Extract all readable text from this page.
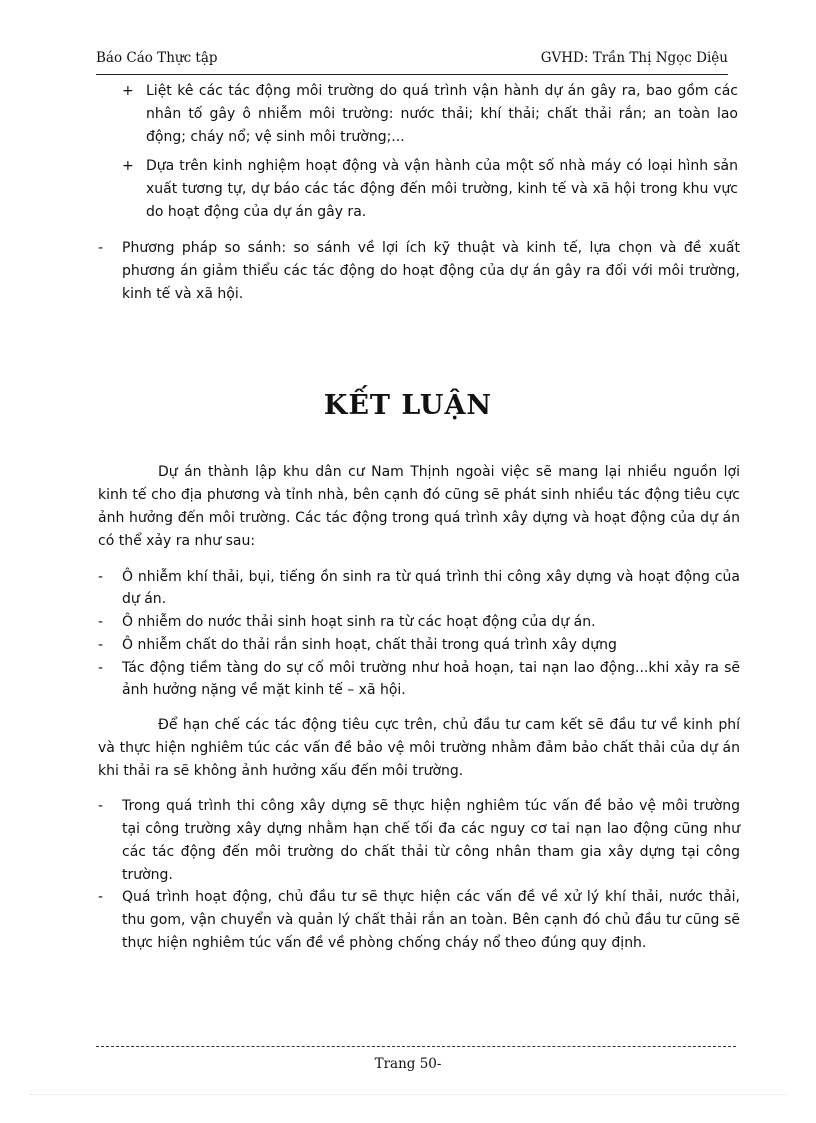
Báo Cáo Thực tập	GVHD: Trần Thị Ngọc Diệu
+ Liệt kê các tác động môi trường do quá trình vận hành dự án gây ra, bao gồm các nhân tố gây ô nhiễm môi trường: nước thải; khí thải; chất thải rắn; an toàn lao động; cháy nổ; vệ sinh môi trường;...
+ Dựa trên kinh nghiệm hoạt động và vận hành của một số nhà máy có loại hình sản xuất tương tự, dự báo các tác động đến môi trường, kinh tế và xã hội trong khu vực do hoạt động của dự án gây ra.
- Phương pháp so sánh: so sánh về lợi ích kỹ thuật và kinh tế, lựa chọn và đề xuất phương án giảm thiểu các tác động do hoạt động của dự án gây ra đối với môi trường, kinh tế và xã hội.
KẾT LUẬN
Dự án thành lập khu dân cư Nam Thịnh ngoài việc sẽ mang lại nhiều nguồn lợi kinh tế cho địa phương và tỉnh nhà, bên cạnh đó cũng sẽ phát sinh nhiều tác động tiêu cực ảnh hưởng đến môi trường. Các tác động trong quá trình xây dựng và hoạt động của dự án có thể xảy ra như sau:
- Ô nhiễm khí thải, bụi, tiếng ồn sinh ra từ quá trình thi công xây dựng và hoạt động của dự án.
- Ô nhiễm do nước thải sinh hoạt sinh ra từ các hoạt động của dự án.
- Ô nhiễm chất do thải rắn sinh hoạt, chất thải trong quá trình xây dựng
- Tác động tiềm tàng do sự cố môi trường như hoả hoạn, tai nạn lao động...khi xảy ra sẽ ảnh hưởng nặng về mặt kinh tế – xã hội.
Để hạn chế các tác động tiêu cực trên, chủ đầu tư cam kết sẽ đầu tư về kinh phí và thực hiện nghiêm túc các vấn đề bảo vệ môi trường nhằm đảm bảo chất thải của dự án khi thải ra sẽ không ảnh hưởng xấu đến môi trường.
- Trong quá trình thi công xây dựng sẽ thực hiện nghiêm túc vấn đề bảo vệ môi trường tại công trường xây dựng nhằm hạn chế tối đa các nguy cơ tai nạn lao động cũng như các tác động đến môi trường do chất thải từ công nhân tham gia xây dựng tại công trường.
- Quá trình hoạt động, chủ đầu tư sẽ thực hiện các vấn đề về xử lý khí thải, nước thải, thu gom, vận chuyển và quản lý chất thải rắn an toàn. Bên cạnh đó chủ đầu tư cũng sẽ thực hiện nghiêm túc vấn đề về phòng chống cháy nổ theo đúng quy định.
Trang 50-
